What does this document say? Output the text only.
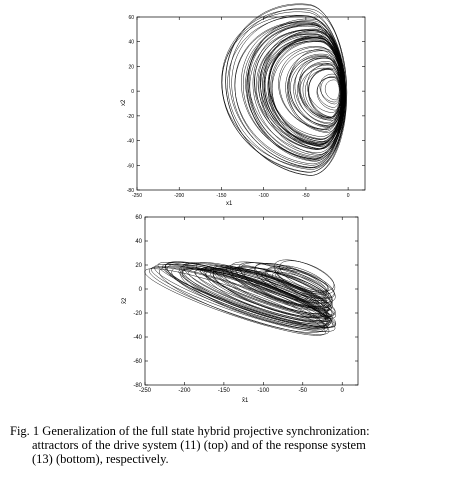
60
40
20
0
-20
-40
-60
-80
-250	-200	-150	-100	-50	0
x1
x2
60
40
20
0
-20
-40
-60
-80
-250	-200	-150	-100	-50	0
x̂1
x̂2
Fig. 1 Generalization of the full state hybrid projective synchronization:
attractors of the drive system (11) (top) and of the response system
(13) (bottom), respectively.
